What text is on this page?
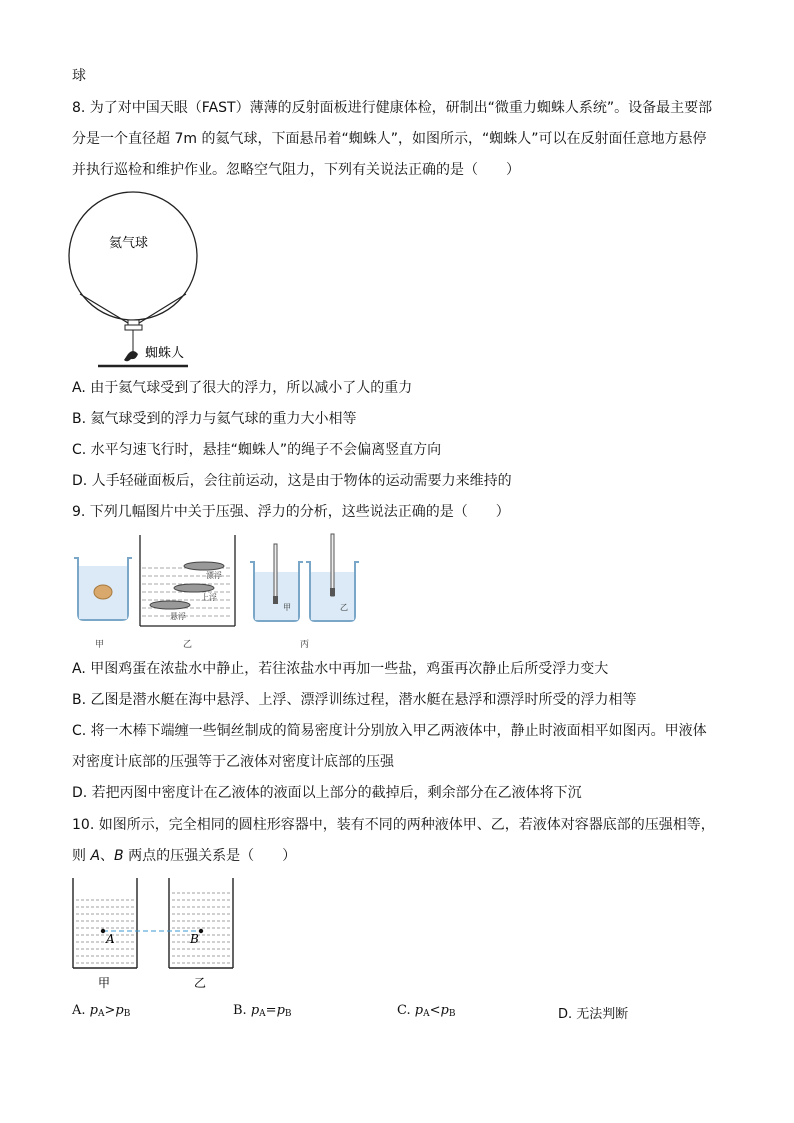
球
8. 为了对中国天眼（FAST）薄薄的反射面板进行健康体检，研制出“微重力蜘蛛人系统”。设备最主要部
分是一个直径超 7m 的氦气球，下面悬吊着“蜘蛛人”，如图所示，“蜘蛛人”可以在反射面任意地方悬停
并执行巡检和维护作业。忽略空气阻力，下列有关说法正确的是（　　）
氦气球
蜘蛛人
A. 由于氦气球受到了很大的浮力，所以减小了人的重力
B. 氦气球受到的浮力与氦气球的重力大小相等
C. 水平匀速飞行时，悬挂“蜘蛛人”的绳子不会偏离竖直方向
D. 人手轻碰面板后，会往前运动，这是由于物体的运动需要力来维持的
9. 下列几幅图片中关于压强、浮力的分析，这些说法正确的是（　　）
漂浮
上浮
悬浮
甲	乙
甲	乙	丙
A. 甲图鸡蛋在浓盐水中静止，若往浓盐水中再加一些盐，鸡蛋再次静止后所受浮力变大
B. 乙图是潜水艇在海中悬浮、上浮、漂浮训练过程，潜水艇在悬浮和漂浮时所受的浮力相等
C. 将一木棒下端缠一些铜丝制成的简易密度计分别放入甲乙两液体中，静止时液面相平如图丙。甲液体
对密度计底部的压强等于乙液体对密度计底部的压强
D. 若把丙图中密度计在乙液体的液面以上部分的截掉后，剩余部分在乙液体将下沉
10. 如图所示，完全相同的圆柱形容器中，装有不同的两种液体甲、乙，若液体对容器底部的压强相等，
则 A、B 两点的压强关系是（　　）
A	B
甲	乙
A. $p_A>p_B$	B. $p_A=p_B$	C. $p_A<p_B$	D. 无法判断
